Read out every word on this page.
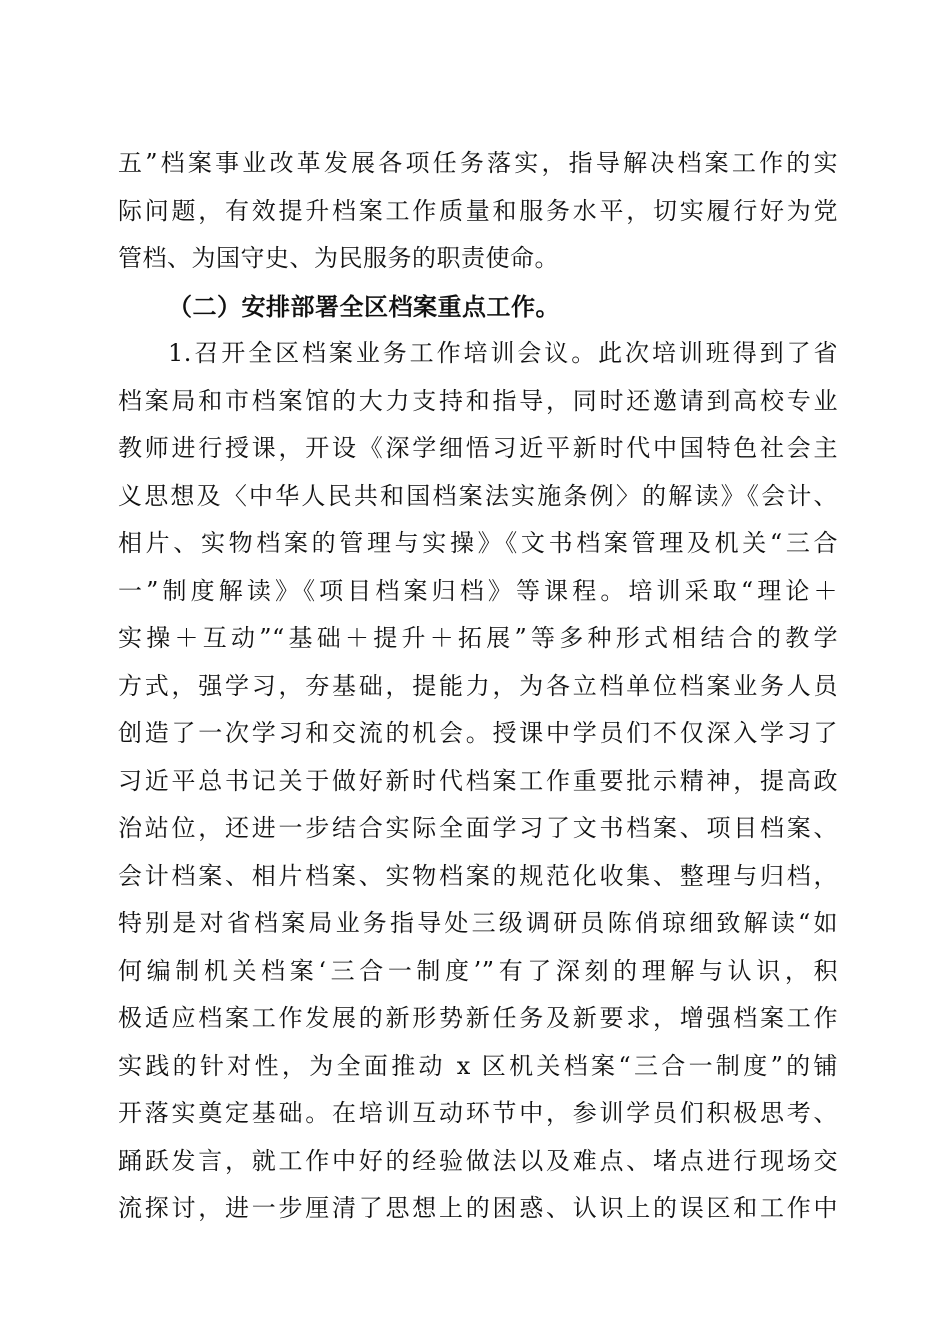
五”档案事业改革发展各项任务落实，指导解决档案工作的实
际问题，有效提升档案工作质量和服务水平，切实履行好为党
管档、为国守史、为民服务的职责使命。
（二）安排部署全区档案重点工作。
1.召开全区档案业务工作培训会议。此次培训班得到了省
档案局和市档案馆的大力支持和指导，同时还邀请到高校专业
教师进行授课，开设《深学细悟习近平新时代中国特色社会主
义思想及〈中华人民共和国档案法实施条例〉的解读》《会计、
相片、实物档案的管理与实操》《文书档案管理及机关“三合
一”制度解读》《项目档案归档》等课程。培训采取“理论＋
实操＋互动”“基础＋提升＋拓展”等多种形式相结合的教学
方式，强学习，夯基础，提能力，为各立档单位档案业务人员
创造了一次学习和交流的机会。授课中学员们不仅深入学习了
习近平总书记关于做好新时代档案工作重要批示精神，提高政
治站位，还进一步结合实际全面学习了文书档案、项目档案、
会计档案、相片档案、实物档案的规范化收集、整理与归档，
特别是对省档案局业务指导处三级调研员陈俏琼细致解读“如
何编制机关档案‘三合一制度’”有了深刻的理解与认识，积
极适应档案工作发展的新形势新任务及新要求，增强档案工作
实践的针对性，为全面推动 x 区机关档案“三合一制度”的铺
开落实奠定基础。在培训互动环节中，参训学员们积极思考、
踊跃发言，就工作中好的经验做法以及难点、堵点进行现场交
流探讨，进一步厘清了思想上的困惑、认识上的误区和工作中
